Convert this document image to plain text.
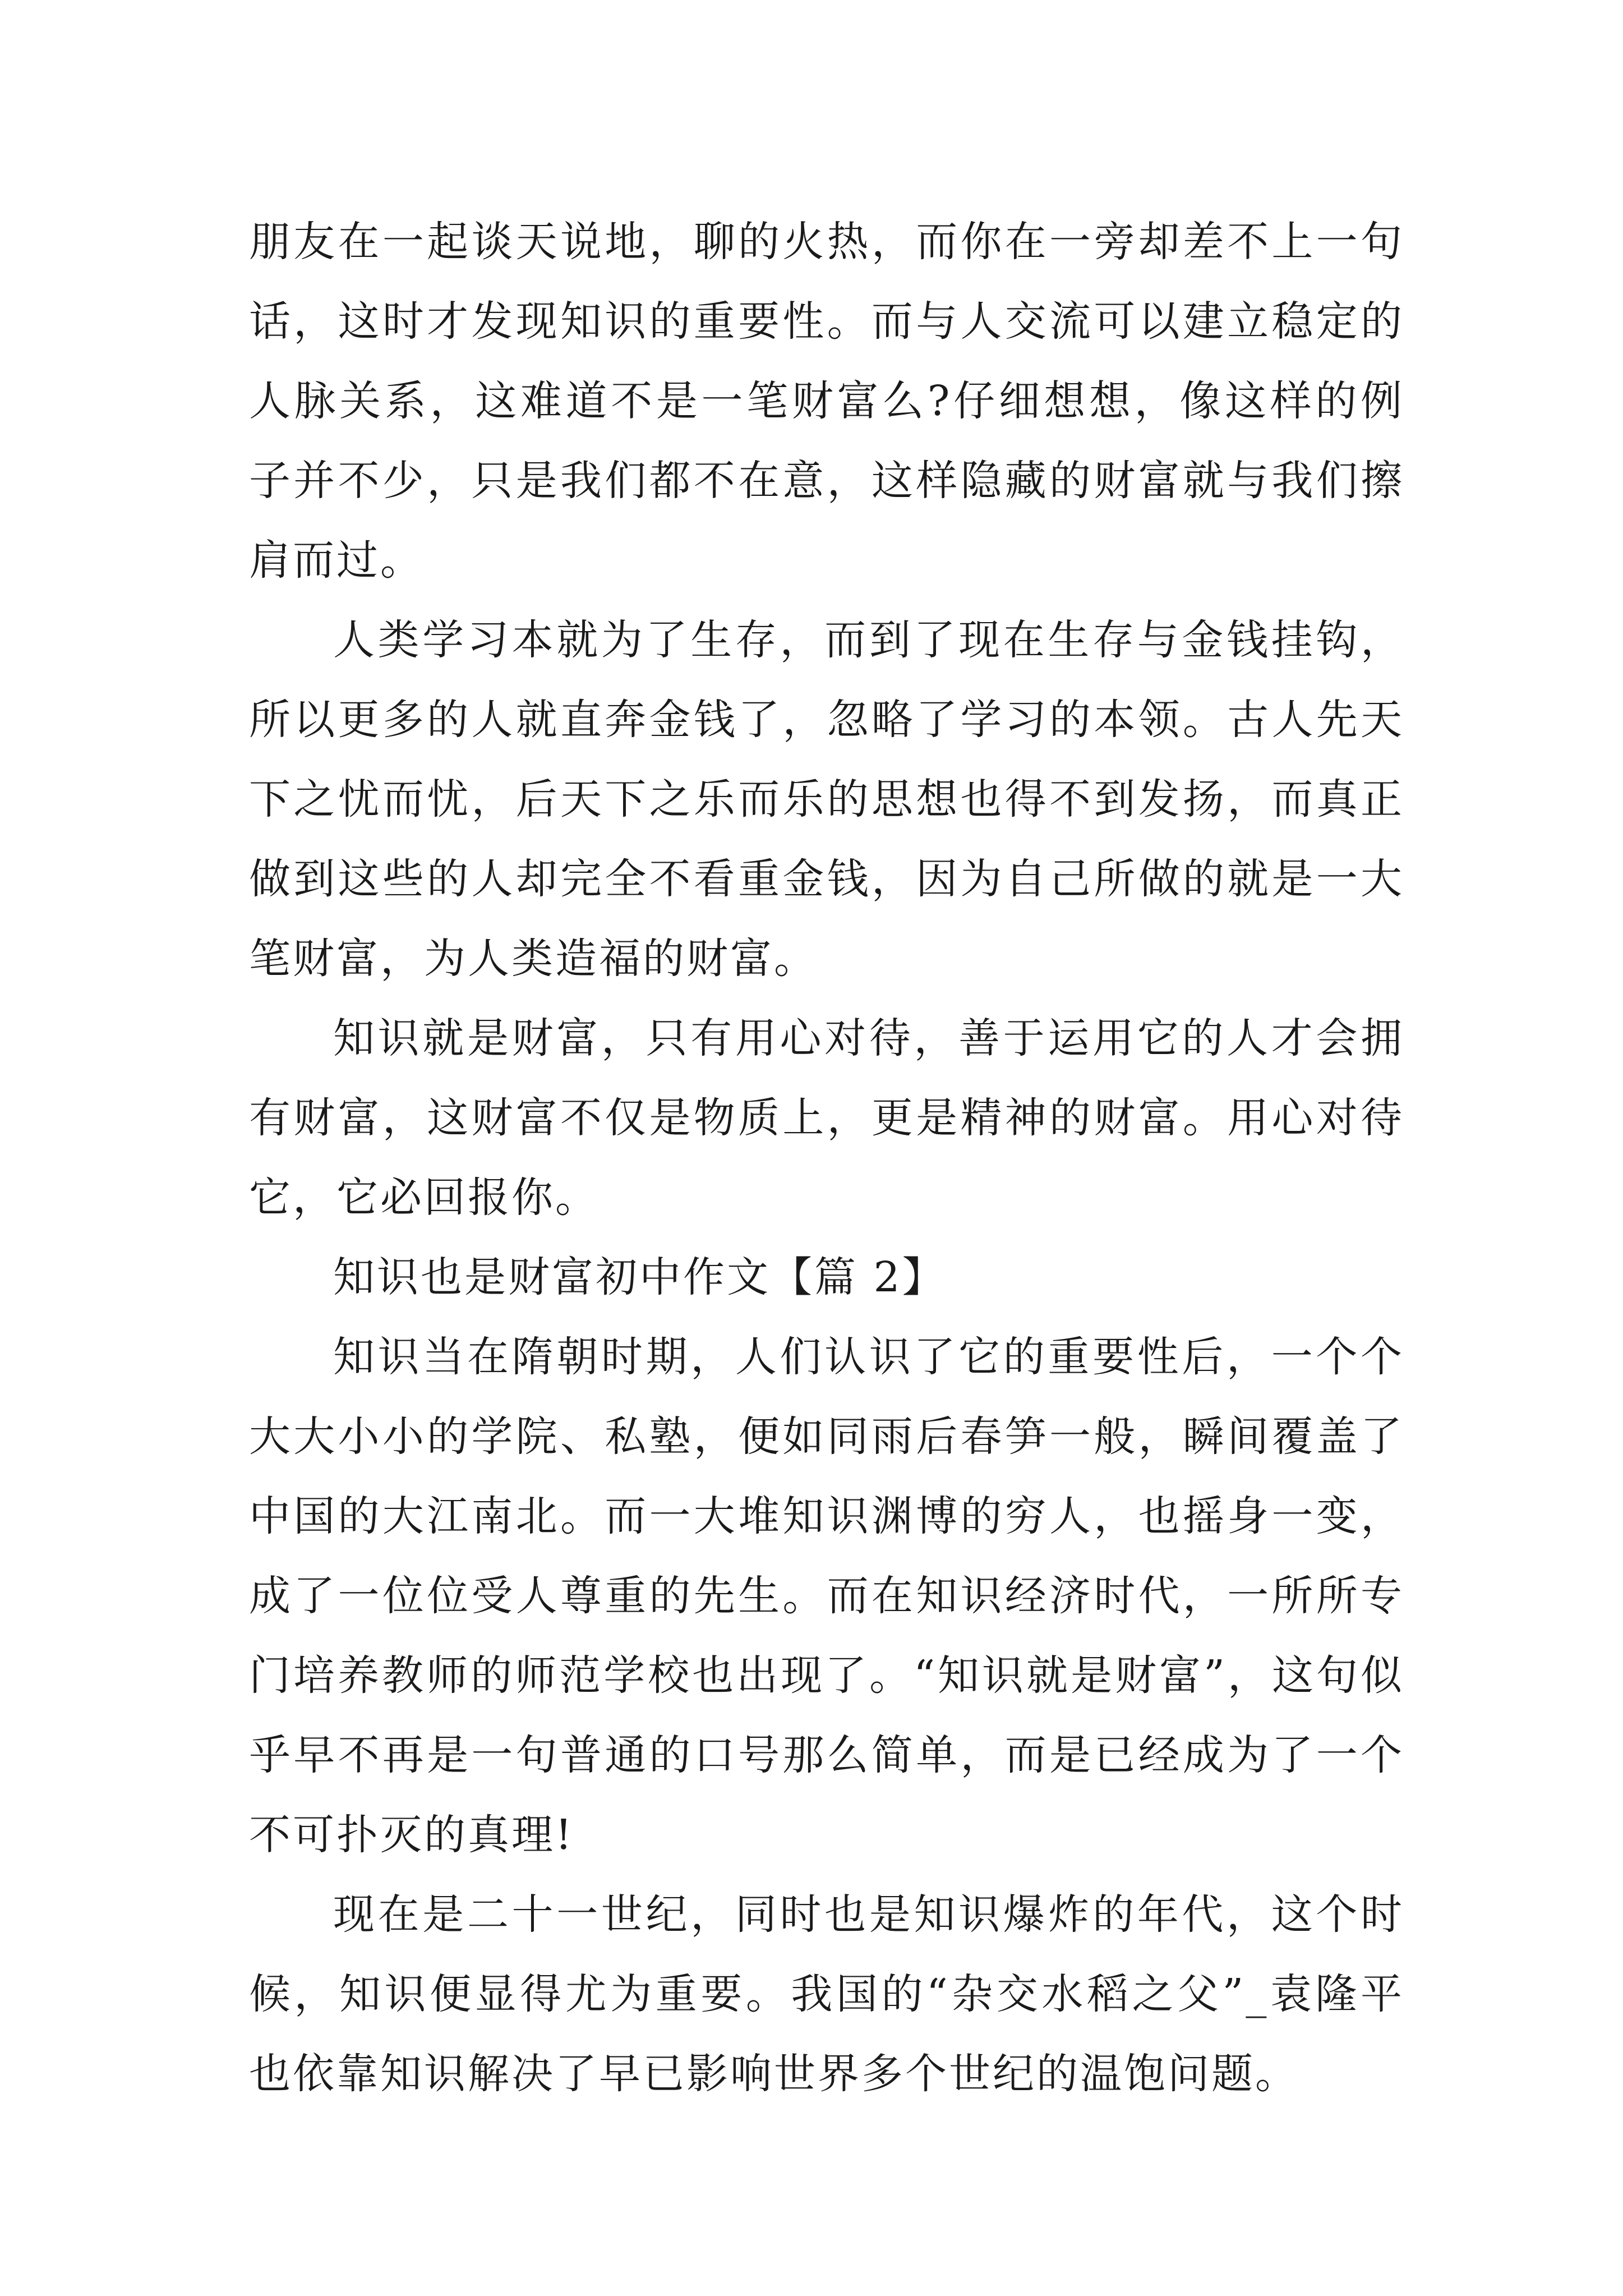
朋友在一起谈天说地，聊的火热，而你在一旁却差不上一句话，这时才发现知识的重要性。而与人交流可以建立稳定的人脉关系，这难道不是一笔财富么?仔细想想，像这样的例子并不少，只是我们都不在意，这样隐藏的财富就与我们擦肩而过。

人类学习本就为了生存，而到了现在生存与金钱挂钩，所以更多的人就直奔金钱了，忽略了学习的本领。古人先天下之忧而忧，后天下之乐而乐的思想也得不到发扬，而真正做到这些的人却完全不看重金钱，因为自己所做的就是一大笔财富，为人类造福的财富。

知识就是财富，只有用心对待，善于运用它的人才会拥有财富，这财富不仅是物质上，更是精神的财富。用心对待它，它必回报你。

知识也是财富初中作文【篇 2】

知识当在隋朝时期，人们认识了它的重要性后，一个个大大小小的学院、私塾，便如同雨后春笋一般，瞬间覆盖了中国的大江南北。而一大堆知识渊博的穷人，也摇身一变，成了一位位受人尊重的先生。而在知识经济时代，一所所专门培养教师的师范学校也出现了。“知识就是财富”，这句似乎早不再是一句普通的口号那么简单，而是已经成为了一个不可扑灭的真理!

现在是二十一世纪，同时也是知识爆炸的年代，这个时候，知识便显得尤为重要。我国的“杂交水稻之父”_袁隆平也依靠知识解决了早已影响世界多个世纪的温饱问题。
